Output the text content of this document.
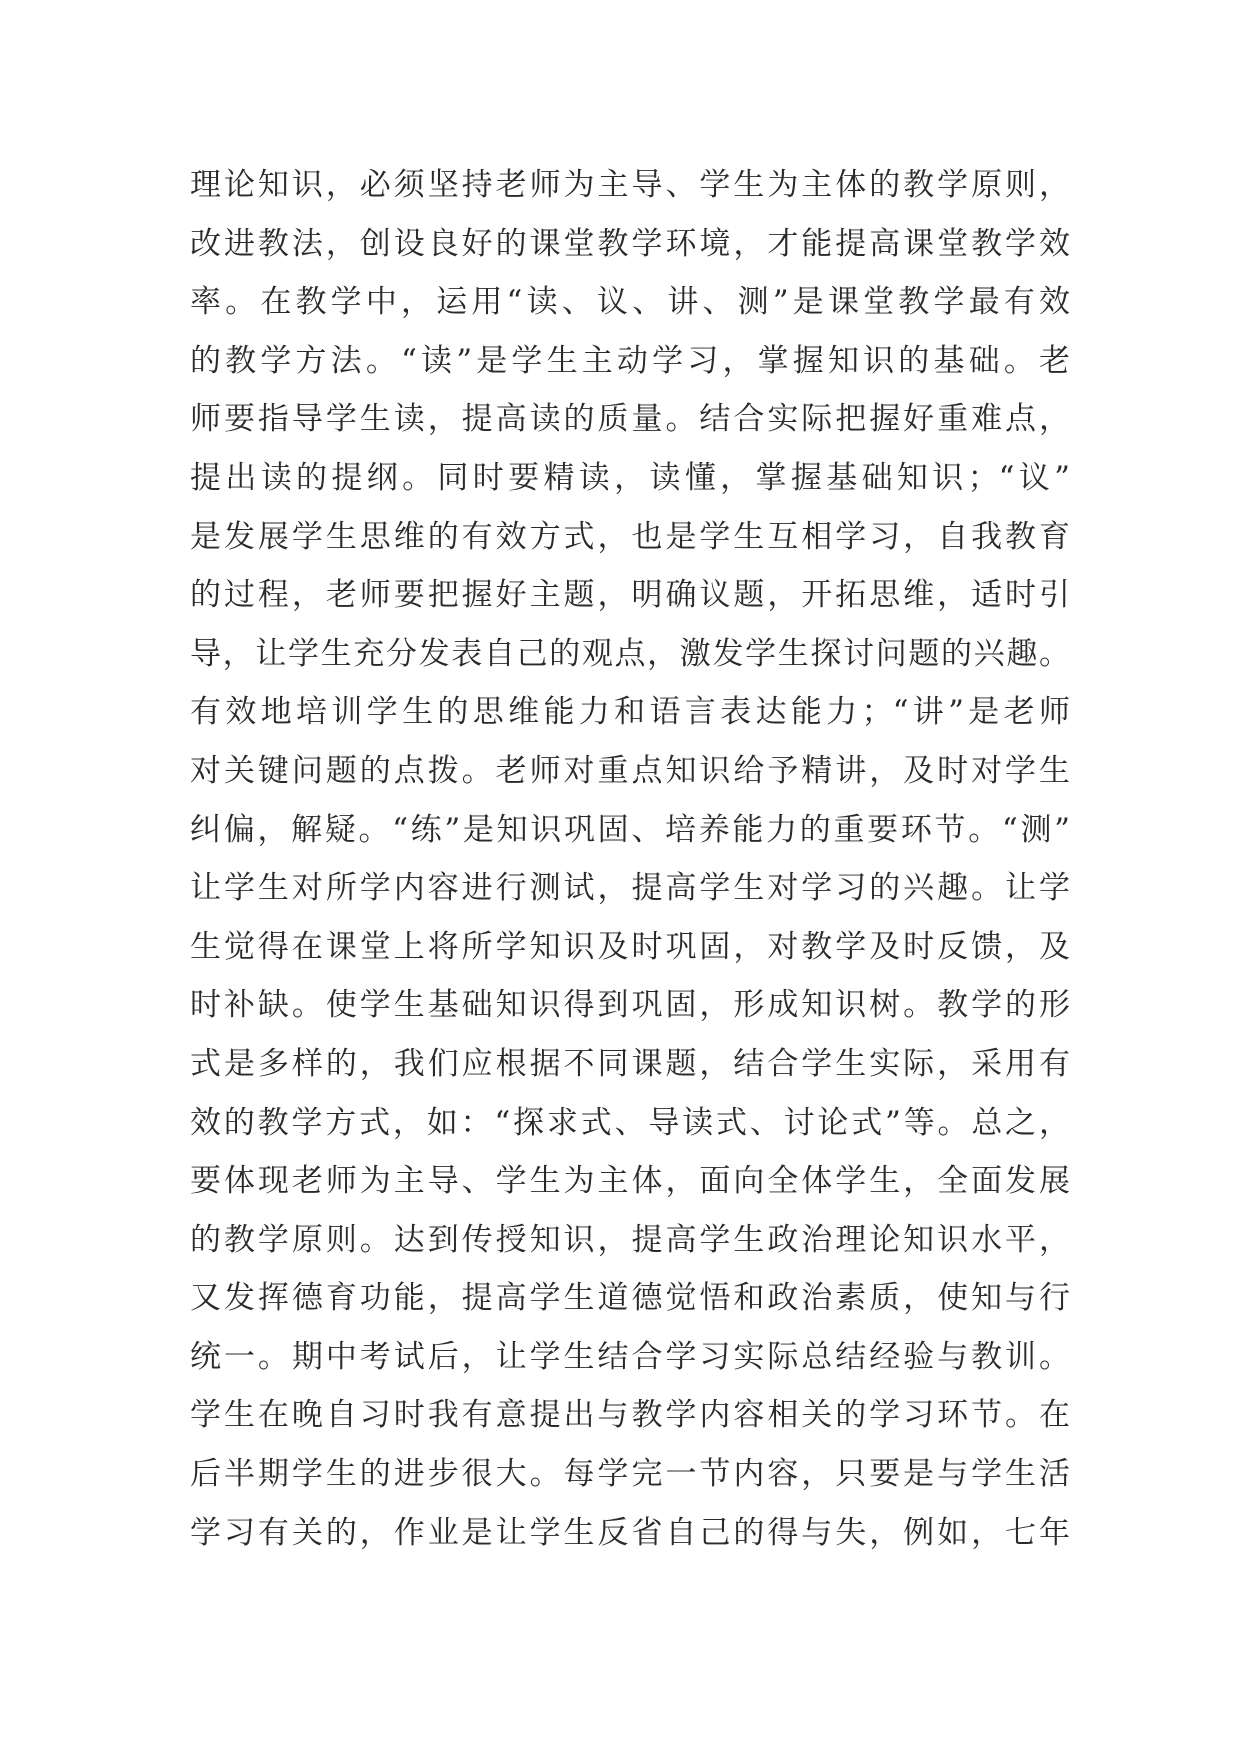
理论知识，必须坚持老师为主导、学生为主体的教学原则，
改进教法，创设良好的课堂教学环境，才能提高课堂教学效
率。在教学中，运用“读、议、讲、测”是课堂教学最有效
的教学方法。“读”是学生主动学习，掌握知识的基础。老
师要指导学生读，提高读的质量。结合实际把握好重难点，
提出读的提纲。同时要精读，读懂，掌握基础知识；“议”
是发展学生思维的有效方式，也是学生互相学习，自我教育
的过程，老师要把握好主题，明确议题，开拓思维，适时引
导，让学生充分发表自己的观点，激发学生探讨问题的兴趣。
有效地培训学生的思维能力和语言表达能力；“讲”是老师
对关键问题的点拨。老师对重点知识给予精讲，及时对学生
纠偏，解疑。“练”是知识巩固、培养能力的重要环节。“测”
让学生对所学内容进行测试，提高学生对学习的兴趣。让学
生觉得在课堂上将所学知识及时巩固，对教学及时反馈，及
时补缺。使学生基础知识得到巩固，形成知识树。教学的形
式是多样的，我们应根据不同课题，结合学生实际，采用有
效的教学方式，如：“探求式、导读式、讨论式”等。总之，
要体现老师为主导、学生为主体，面向全体学生，全面发展
的教学原则。达到传授知识，提高学生政治理论知识水平，
又发挥德育功能，提高学生道德觉悟和政治素质，使知与行
统一。期中考试后，让学生结合学习实际总结经验与教训。
学生在晚自习时我有意提出与教学内容相关的学习环节。在
后半期学生的进步很大。每学完一节内容，只要是与学生活
学习有关的，作业是让学生反省自己的得与失，例如，七年
